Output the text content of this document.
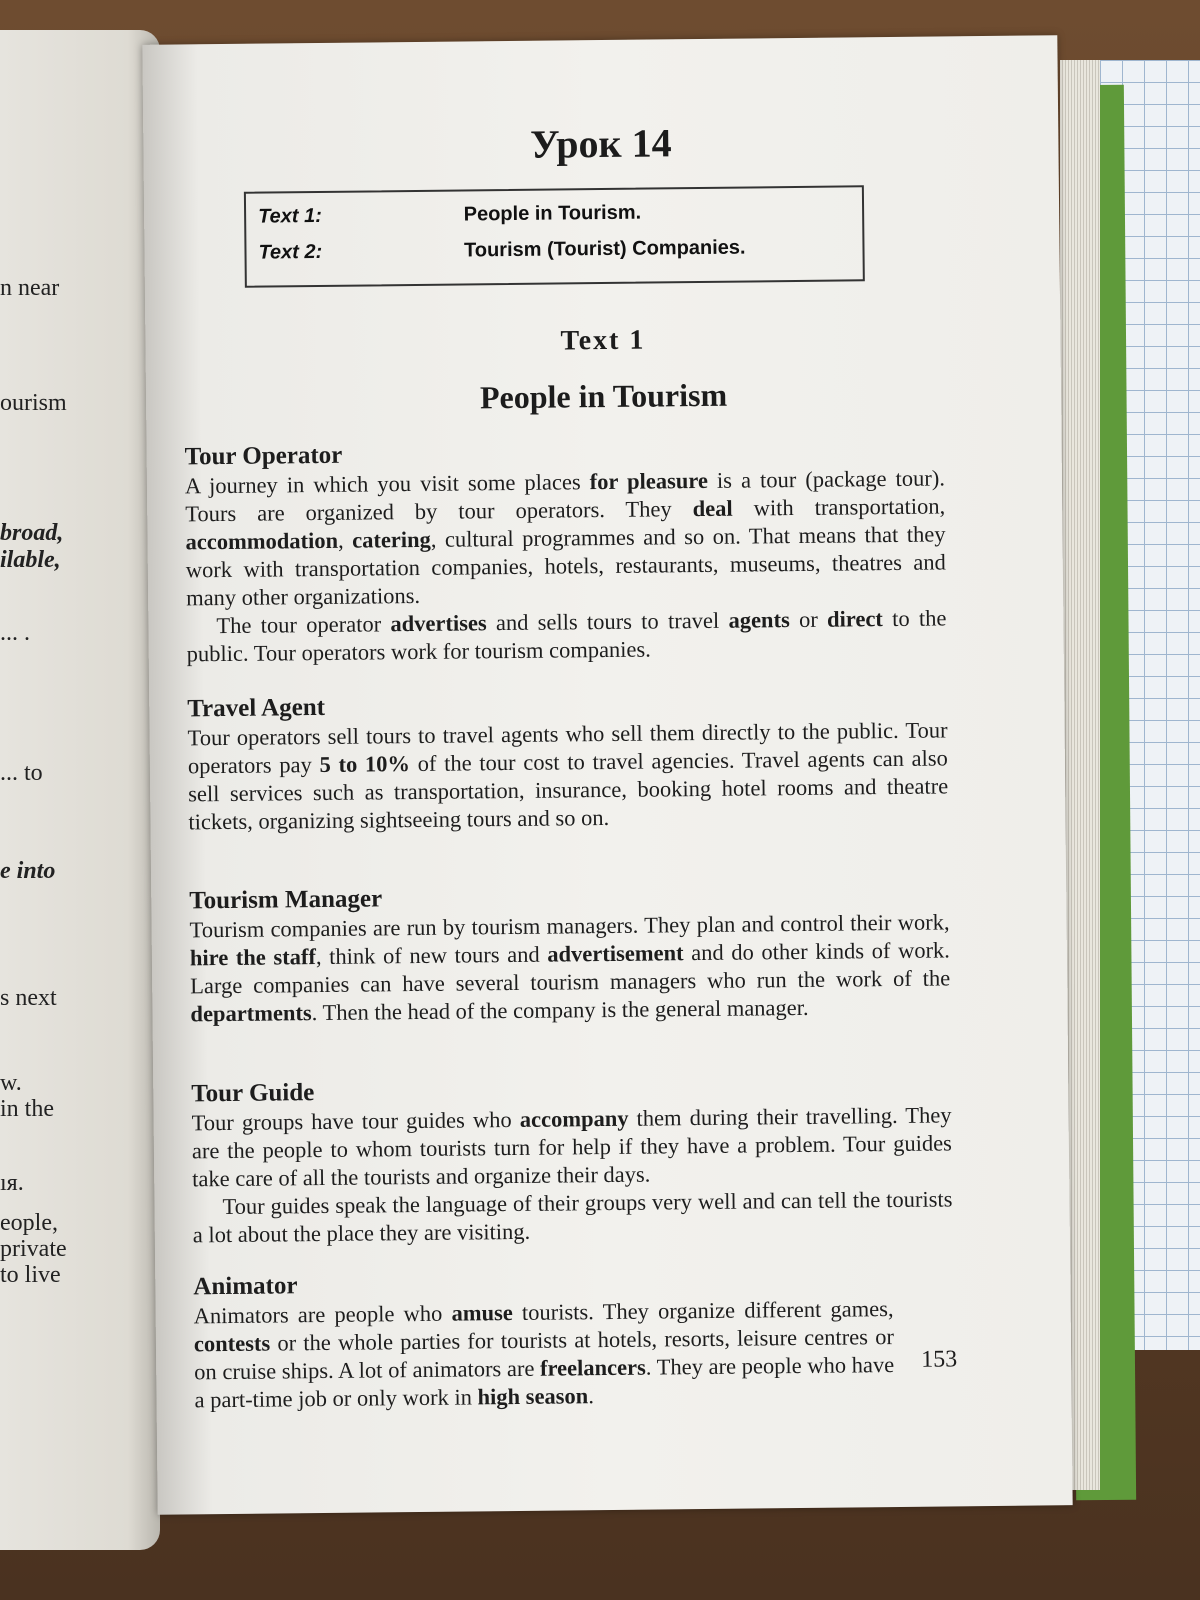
n near
ourism
broad,
ilable,
... .
... to
e into
s next
w.
in the
ıя.
eople,
private
to live
Урок 14
Text 1:	People in Tourism.
Text 2:	Tourism (Tourist) Companies.
Text 1
People in Tourism
Tour Operator

A journey in which you visit some places for pleasure is a tour (package tour). Tours are organized by tour operators. They deal with transportation, accommodation, catering, cultural programmes and so on. That means that they work with transportation companies, hotels, restaurants, museums, theatres and many other organizations.

The tour operator advertises and sells tours to travel agents or direct to the public. Tour operators work for tourism companies.

Travel Agent

Tour operators sell tours to travel agents who sell them directly to the public. Tour operators pay 5 to 10% of the tour cost to travel agencies. Travel agents can also sell services such as transportation, insurance, booking hotel rooms and theatre tickets, organizing sightseeing tours and so on.

Tourism Manager

Tourism companies are run by tourism managers. They plan and control their work, hire the staff, think of new tours and advertisement and do other kinds of work. Large companies can have several tourism managers who run the work of the departments. Then the head of the company is the general manager.

Tour Guide

Tour groups have tour guides who accompany them during their travelling. They are the people to whom tourists turn for help if they have a problem. Tour guides take care of all the tourists and organize their days.

Tour guides speak the language of their groups very well and can tell the tourists a lot about the place they are visiting.

Animator

Animators are people who amuse tourists. They organize different games, contests or the whole parties for tourists at hotels, resorts, leisure centres or on cruise ships. A lot of animators are freelancers. They are people who have a part-time job or only work in high season.

153
